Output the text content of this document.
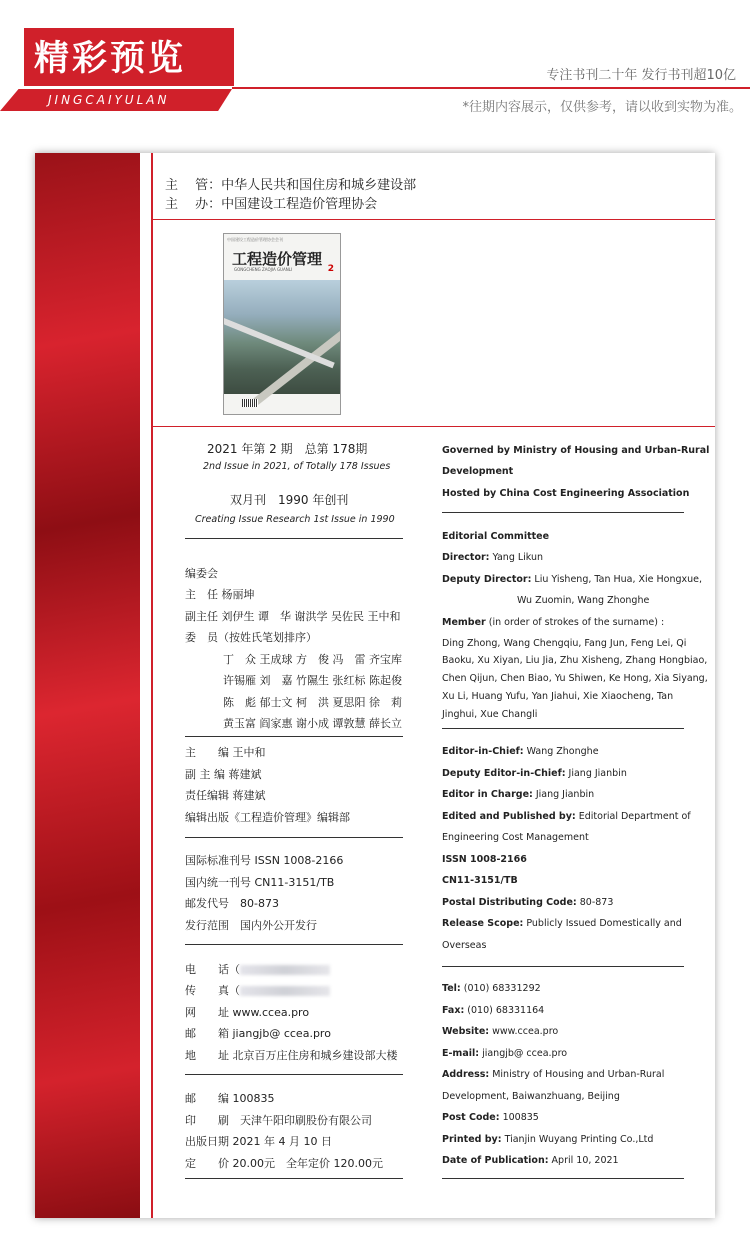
精彩预览
JINGCAIYULAN
专注书刊二十年 发行书刊超10亿
*往期内容展示，仅供参考，请以收到实物为准。
主　 管：中华人民共和国住房和城乡建设部
主　 办：中国建设工程造价管理协会
中国建设工程造价管理协会会刊
工程造价管理
GONGCHENG ZAOJIA GUANLI	2
2021 年第 2 期　总第 178期
2nd Issue in 2021, of Totally 178 Issues
双月刊　1990 年创刊
Creating Issue Research 1st Issue in 1990
编委会
主　任 杨丽坤
副主任 刘伊生 谭　华 谢洪学 吴佐民 王中和
委　员（按姓氏笔划排序）
丁　众 王成球 方　俊 冯　雷 齐宝库
许锡雁 刘　嘉 竹隰生 张红标 陈起俊
陈　彪 郁士文 柯　洪 夏思阳 徐　莉
黄玉富 阎家惠 谢小成 谭敦慧 薛长立
主　　编 王中和
副 主 编 蒋建斌
责任编辑 蒋建斌
编辑出版《工程造价管理》编辑部
国际标准刊号 ISSN 1008-2166
国内统一刊号 CN11-3151/TB
邮发代号　80-873
发行范围　国内外公开发行
电　　话（
传　　真（
网　　址 www.ccea.pro
邮　　箱 jiangjb@ ccea.pro
地　　址 北京百万庄住房和城乡建设部大楼
邮　　编 100835
印　　刷　天津午阳印刷股份有限公司
出版日期 2021 年 4 月 10 日
定　　价 20.00元　全年定价 120.00元
Governed by Ministry of Housing and Urban-Rural
Development
Hosted by China Cost Engineering Association
Editorial Committee
Director: Yang Likun
Deputy Director: Liu Yisheng, Tan Hua, Xie Hongxue,
Wu Zuomin, Wang Zhonghe
Member (in order of strokes of the surname) :
Ding Zhong, Wang Chengqiu, Fang Jun, Feng Lei, Qi
Baoku, Xu Xiyan, Liu Jia, Zhu Xisheng, Zhang Hongbiao,
Chen Qijun, Chen Biao, Yu Shiwen, Ke Hong, Xia Siyang,
Xu Li, Huang Yufu, Yan Jiahui, Xie Xiaocheng, Tan
Jinghui, Xue Changli
Editor-in-Chief: Wang Zhonghe
Deputy Editor-in-Chief: Jiang Jianbin
Editor in Charge: Jiang Jianbin
Edited and Published by: Editorial Department of
Engineering Cost Management
ISSN 1008-2166
CN11-3151/TB
Postal Distributing Code: 80-873
Release Scope: Publicly Issued Domestically and
Overseas
Tel: (010) 68331292
Fax: (010) 68331164
Website: www.ccea.pro
E-mail: jiangjb@ ccea.pro
Address: Ministry of Housing and Urban-Rural
Development, Baiwanzhuang, Beijing
Post Code: 100835
Printed by: Tianjin Wuyang Printing Co.,Ltd
Date of Publication: April 10, 2021
